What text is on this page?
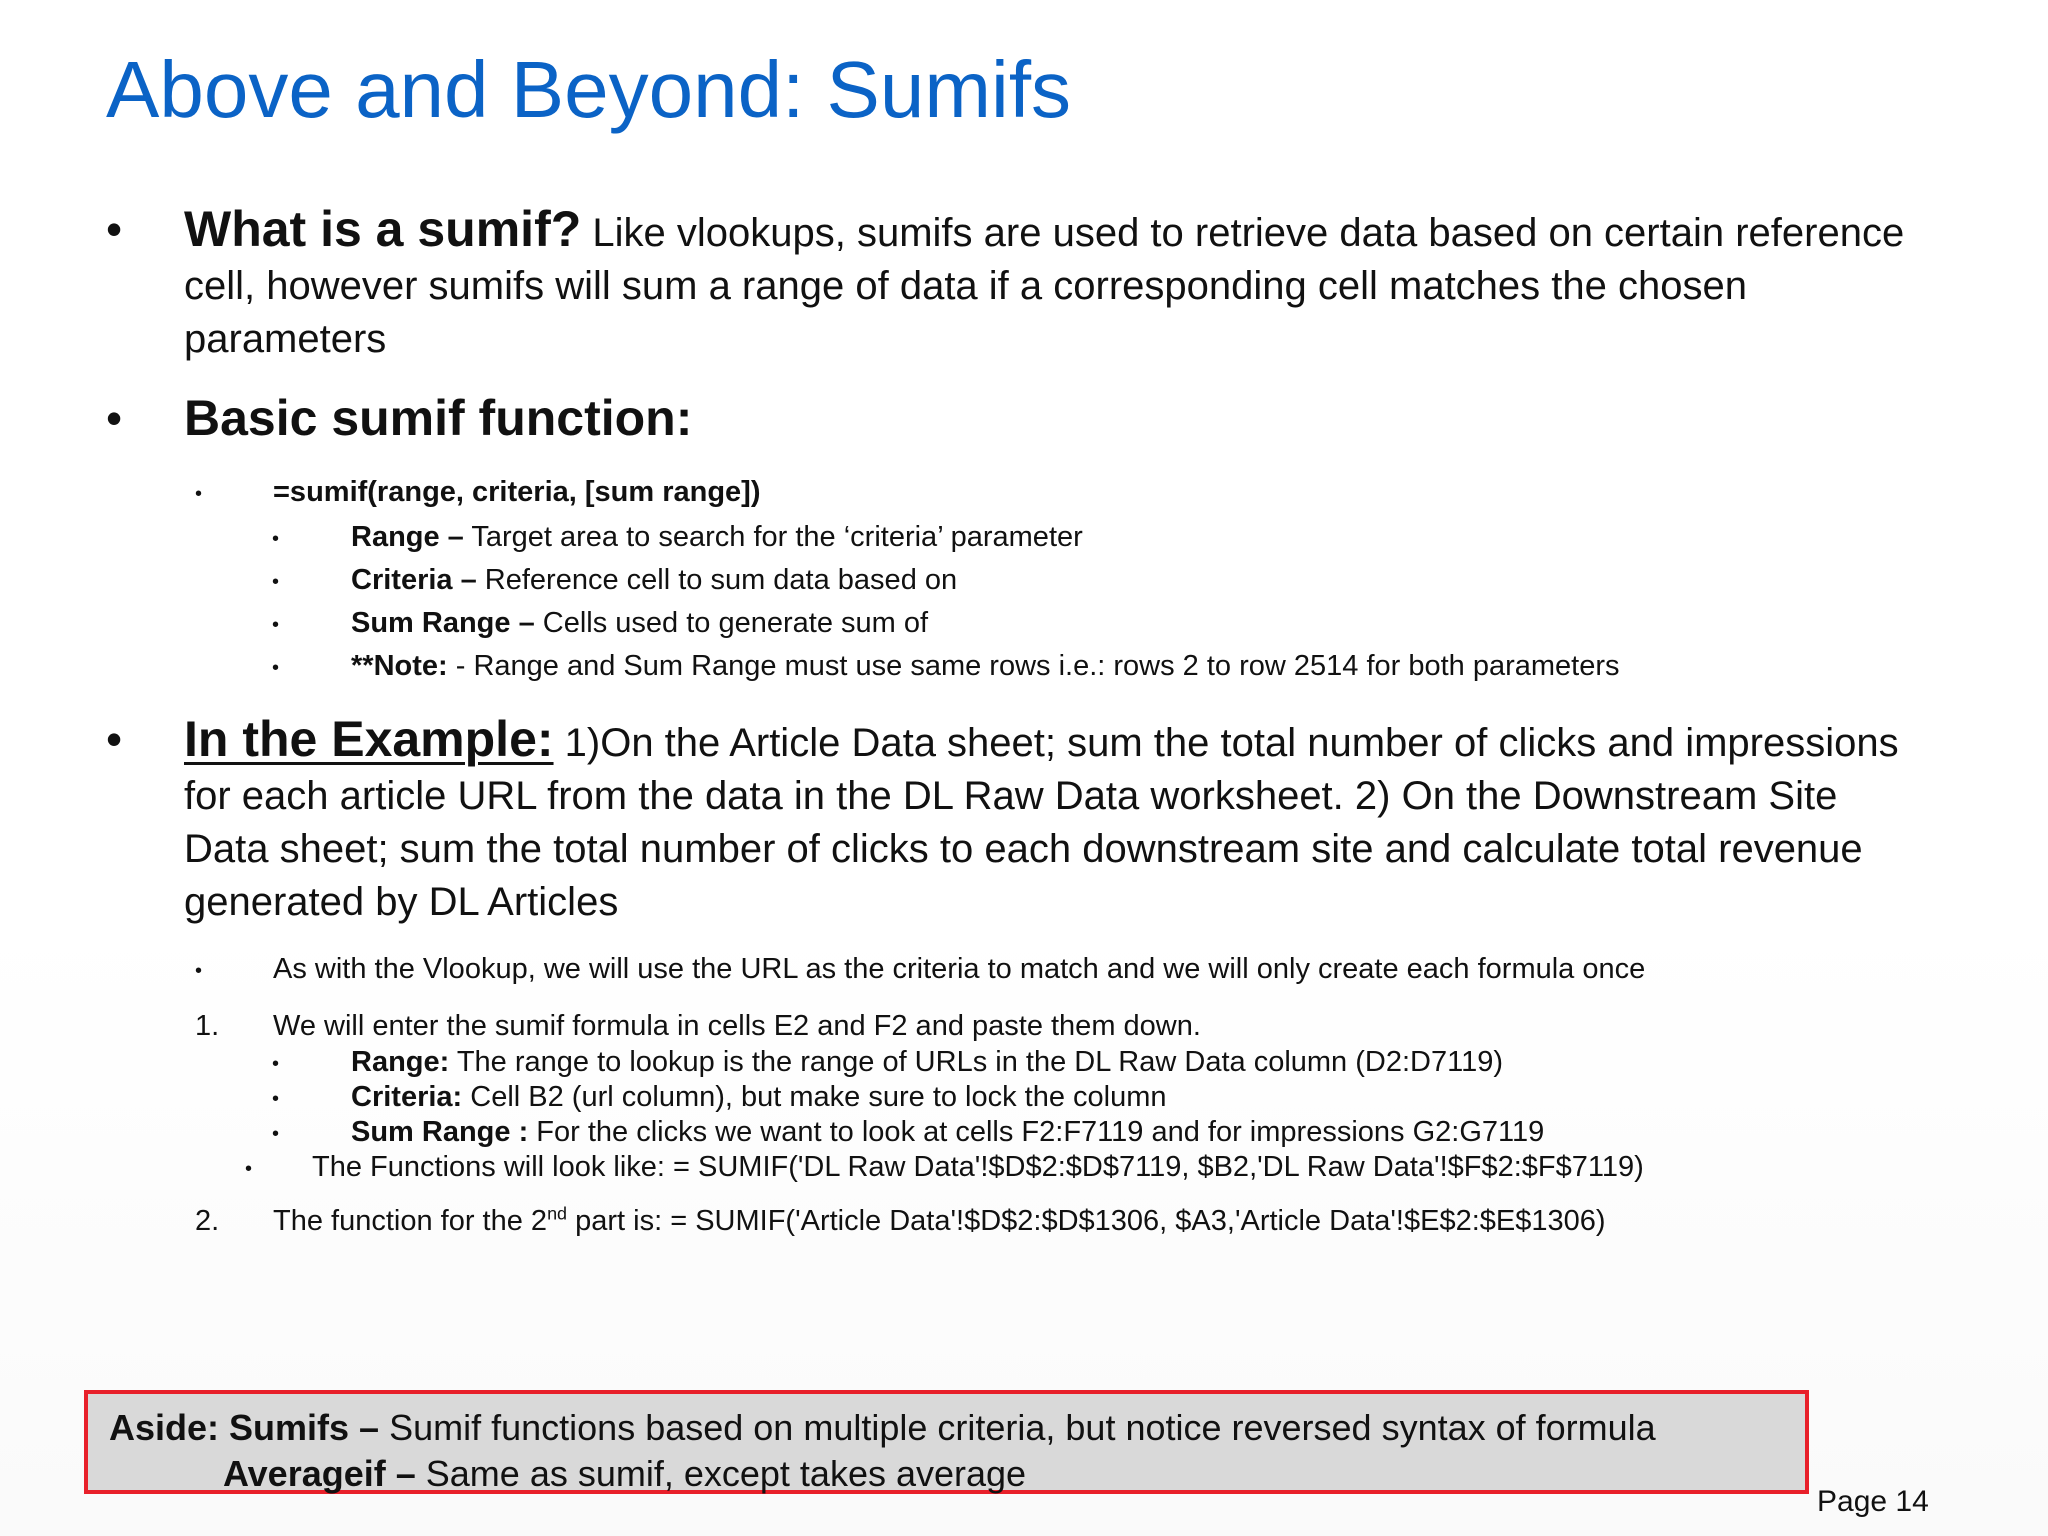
Above and Beyond: Sumifs
• What is a sumif? Like vlookups, sumifs are used to retrieve data based on certain reference cell, however sumifs will sum a range of data if a corresponding cell matches the chosen parameters
• Basic sumif function:
• =sumif(range, criteria, [sum range])
• Range – Target area to search for the ‘criteria’ parameter
• Criteria – Reference cell to sum data based on
• Sum Range – Cells used to generate sum of
• **Note: - Range and Sum Range must use same rows i.e.: rows 2 to row 2514 for both parameters
• In the Example: 1)On the Article Data sheet; sum the total number of clicks and impressions for each article URL from the data in the DL Raw Data worksheet. 2) On the Downstream Site Data sheet; sum the total number of clicks to each downstream site and calculate total revenue generated by DL Articles
• As with the Vlookup, we will use the URL as the criteria to match and we will only create each formula once
1. We will enter the sumif formula in cells E2 and F2 and paste them down.
• Range: The range to lookup is the range of URLs in the DL Raw Data column (D2:D7119)
• Criteria: Cell B2 (url column), but make sure to lock the column
• Sum Range : For the clicks we want to look at cells F2:F7119 and for impressions G2:G7119
• The Functions will look like: = SUMIF('DL Raw Data'!$D$2:$D$7119, $B2,'DL Raw Data'!$F$2:$F$7119)
2. The function for the 2nd part is: = SUMIF('Article Data'!$D$2:$D$1306, $A3,'Article Data'!$E$2:$E$1306)
Aside: Sumifs – Sumif functions based on multiple criteria, but notice reversed syntax of formula
Averageif – Same as sumif, except takes average
Page 14
